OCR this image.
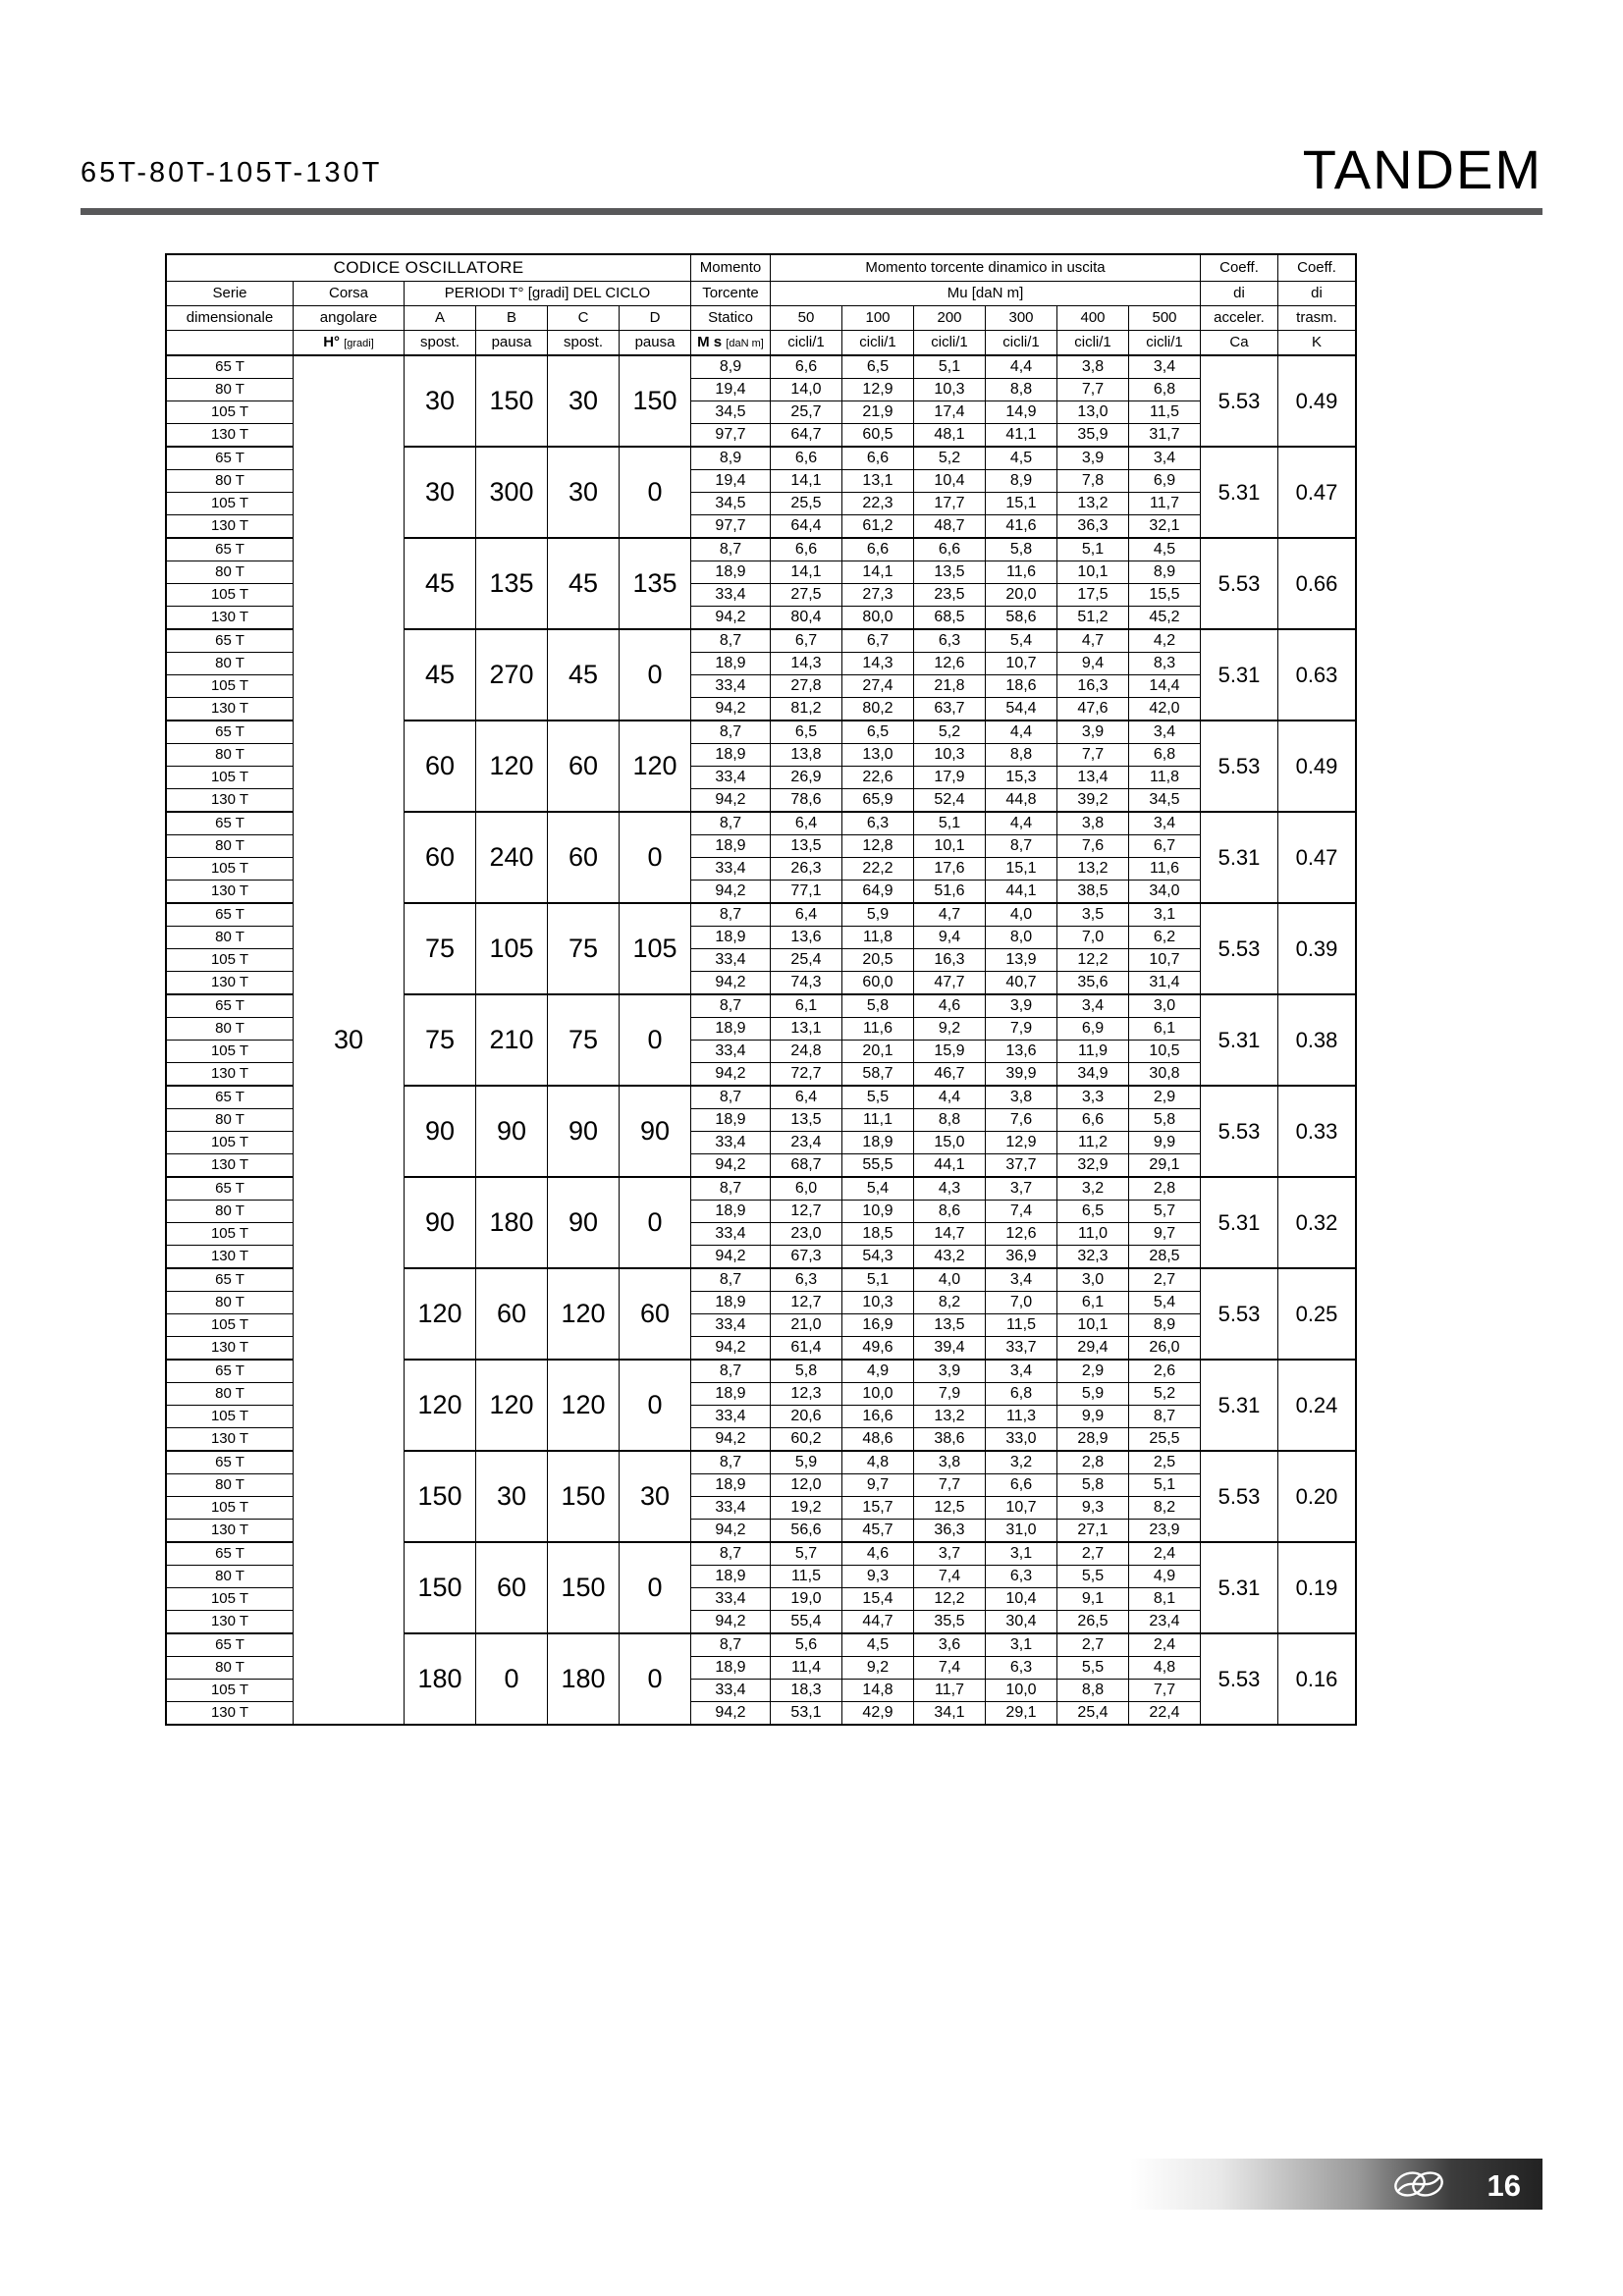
65T-80T-105T-130T	TANDEM
CODICE OSCILLATORE						Momento	Momento torcente dinamico in uscita						Coeff.	Coeff.
Serie	Corsa	PERIODI T° [gradi] DEL CICLO				Torcente	Mu [daN m]						di	di
dimensionale	angolare	A	B	C	D	Statico	50	100	200	300	400	500	acceler.	trasm.
	H° [gradi]	spost.	pausa	spost.	pausa	M s [daN m]	cicli/1	cicli/1	cicli/1	cicli/1	cicli/1	cicli/1	Ca	K
65 T	30	30	150	30	150	8,9	6,6	6,5	5,1	4,4	3,8	3,4	5.53	0.49
80 T						19,4	14,0	12,9	10,3	8,8	7,7	6,8		
105 T						34,5	25,7	21,9	17,4	14,9	13,0	11,5		
130 T						97,7	64,7	60,5	48,1	41,1	35,9	31,7		
65 T		30	300	30	0	8,9	6,6	6,6	5,2	4,5	3,9	3,4	5.31	0.47
80 T						19,4	14,1	13,1	10,4	8,9	7,8	6,9		
105 T						34,5	25,5	22,3	17,7	15,1	13,2	11,7		
130 T						97,7	64,4	61,2	48,7	41,6	36,3	32,1		
65 T		45	135	45	135	8,7	6,6	6,6	6,6	5,8	5,1	4,5	5.53	0.66
80 T						18,9	14,1	14,1	13,5	11,6	10,1	8,9		
105 T						33,4	27,5	27,3	23,5	20,0	17,5	15,5		
130 T						94,2	80,4	80,0	68,5	58,6	51,2	45,2		
65 T		45	270	45	0	8,7	6,7	6,7	6,3	5,4	4,7	4,2	5.31	0.63
80 T						18,9	14,3	14,3	12,6	10,7	9,4	8,3		
105 T						33,4	27,8	27,4	21,8	18,6	16,3	14,4		
130 T						94,2	81,2	80,2	63,7	54,4	47,6	42,0		
65 T		60	120	60	120	8,7	6,5	6,5	5,2	4,4	3,9	3,4	5.53	0.49
80 T						18,9	13,8	13,0	10,3	8,8	7,7	6,8		
105 T						33,4	26,9	22,6	17,9	15,3	13,4	11,8		
130 T						94,2	78,6	65,9	52,4	44,8	39,2	34,5		
65 T		60	240	60	0	8,7	6,4	6,3	5,1	4,4	3,8	3,4	5.31	0.47
80 T						18,9	13,5	12,8	10,1	8,7	7,6	6,7		
105 T						33,4	26,3	22,2	17,6	15,1	13,2	11,6		
130 T						94,2	77,1	64,9	51,6	44,1	38,5	34,0		
65 T		75	105	75	105	8,7	6,4	5,9	4,7	4,0	3,5	3,1	5.53	0.39
80 T						18,9	13,6	11,8	9,4	8,0	7,0	6,2		
105 T						33,4	25,4	20,5	16,3	13,9	12,2	10,7		
130 T						94,2	74,3	60,0	47,7	40,7	35,6	31,4		
65 T		75	210	75	0	8,7	6,1	5,8	4,6	3,9	3,4	3,0	5.31	0.38
80 T						18,9	13,1	11,6	9,2	7,9	6,9	6,1		
105 T						33,4	24,8	20,1	15,9	13,6	11,9	10,5		
130 T						94,2	72,7	58,7	46,7	39,9	34,9	30,8		
65 T		90	90	90	90	8,7	6,4	5,5	4,4	3,8	3,3	2,9	5.53	0.33
80 T						18,9	13,5	11,1	8,8	7,6	6,6	5,8		
105 T						33,4	23,4	18,9	15,0	12,9	11,2	9,9		
130 T						94,2	68,7	55,5	44,1	37,7	32,9	29,1		
65 T		90	180	90	0	8,7	6,0	5,4	4,3	3,7	3,2	2,8	5.31	0.32
80 T						18,9	12,7	10,9	8,6	7,4	6,5	5,7		
105 T						33,4	23,0	18,5	14,7	12,6	11,0	9,7		
130 T						94,2	67,3	54,3	43,2	36,9	32,3	28,5		
65 T		120	60	120	60	8,7	6,3	5,1	4,0	3,4	3,0	2,7	5.53	0.25
80 T						18,9	12,7	10,3	8,2	7,0	6,1	5,4		
105 T						33,4	21,0	16,9	13,5	11,5	10,1	8,9		
130 T						94,2	61,4	49,6	39,4	33,7	29,4	26,0		
65 T		120	120	120	0	8,7	5,8	4,9	3,9	3,4	2,9	2,6	5.31	0.24
80 T						18,9	12,3	10,0	7,9	6,8	5,9	5,2		
105 T						33,4	20,6	16,6	13,2	11,3	9,9	8,7		
130 T						94,2	60,2	48,6	38,6	33,0	28,9	25,5		
65 T		150	30	150	30	8,7	5,9	4,8	3,8	3,2	2,8	2,5	5.53	0.20
80 T						18,9	12,0	9,7	7,7	6,6	5,8	5,1		
105 T						33,4	19,2	15,7	12,5	10,7	9,3	8,2		
130 T						94,2	56,6	45,7	36,3	31,0	27,1	23,9		
65 T		150	60	150	0	8,7	5,7	4,6	3,7	3,1	2,7	2,4	5.31	0.19
80 T						18,9	11,5	9,3	7,4	6,3	5,5	4,9		
105 T						33,4	19,0	15,4	12,2	10,4	9,1	8,1		
130 T						94,2	55,4	44,7	35,5	30,4	26,5	23,4		
65 T		180	0	180	0	8,7	5,6	4,5	3,6	3,1	2,7	2,4	5.53	0.16
80 T						18,9	11,4	9,2	7,4	6,3	5,5	4,8		
105 T						33,4	18,3	14,8	11,7	10,0	8,8	7,7		
130 T						94,2	53,1	42,9	34,1	29,1	25,4	22,4		
16
